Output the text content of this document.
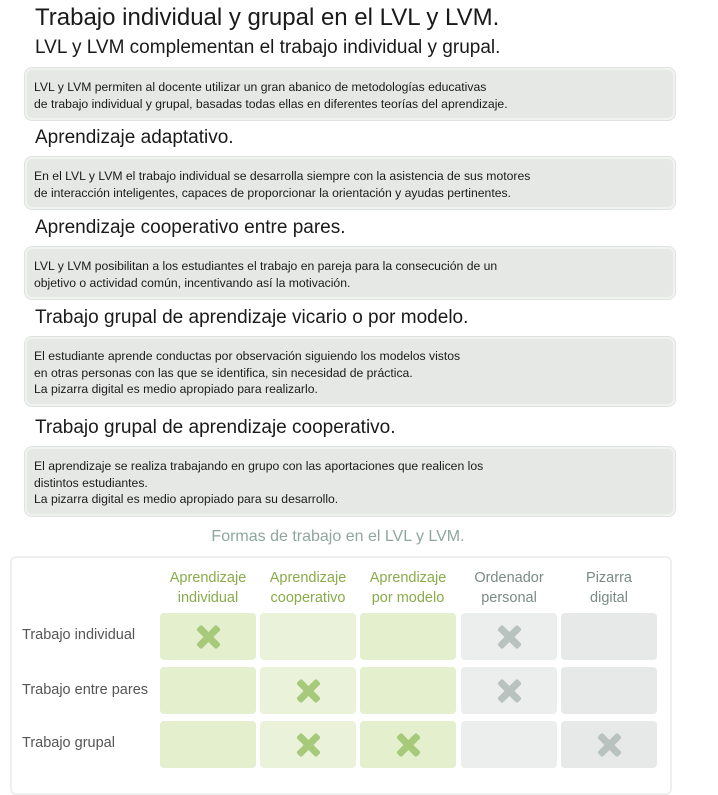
Trabajo individual y grupal en el LVL y LVM.
LVL y LVM complementan el trabajo individual y grupal.

LVL y LVM permiten al docente utilizar un gran abanico de metodologías educativas
de trabajo individual y grupal, basadas todas ellas en diferentes teorías del aprendizaje.

Aprendizaje adaptativo.

En el LVL y LVM el trabajo individual se desarrolla siempre con la asistencia de sus motores
de interacción inteligentes, capaces de proporcionar la orientación y ayudas pertinentes.

Aprendizaje cooperativo entre pares.

LVL y LVM posibilitan a los estudiantes el trabajo en pareja para la consecución de un
objetivo o actividad común, incentivando así la motivación.

Trabajo grupal de aprendizaje vicario o por modelo.

El estudiante aprende conductas por observación siguiendo los modelos vistos
en otras personas con las que se identifica, sin necesidad de práctica.
La pizarra digital es medio apropiado para realizarlo.

Trabajo grupal de aprendizaje cooperativo.

El aprendizaje se realiza trabajando en grupo con las aportaciones que realicen los
distintos estudiantes.
La pizarra digital es medio apropiado para su desarrollo.

Formas de trabajo en el LVL y LVM.
Aprendizaje
individual
Aprendizaje
cooperativo
Aprendizaje
por modelo
Ordenador
personal
Pizarra
digital
Trabajo individual
Trabajo entre pares
Trabajo grupal
